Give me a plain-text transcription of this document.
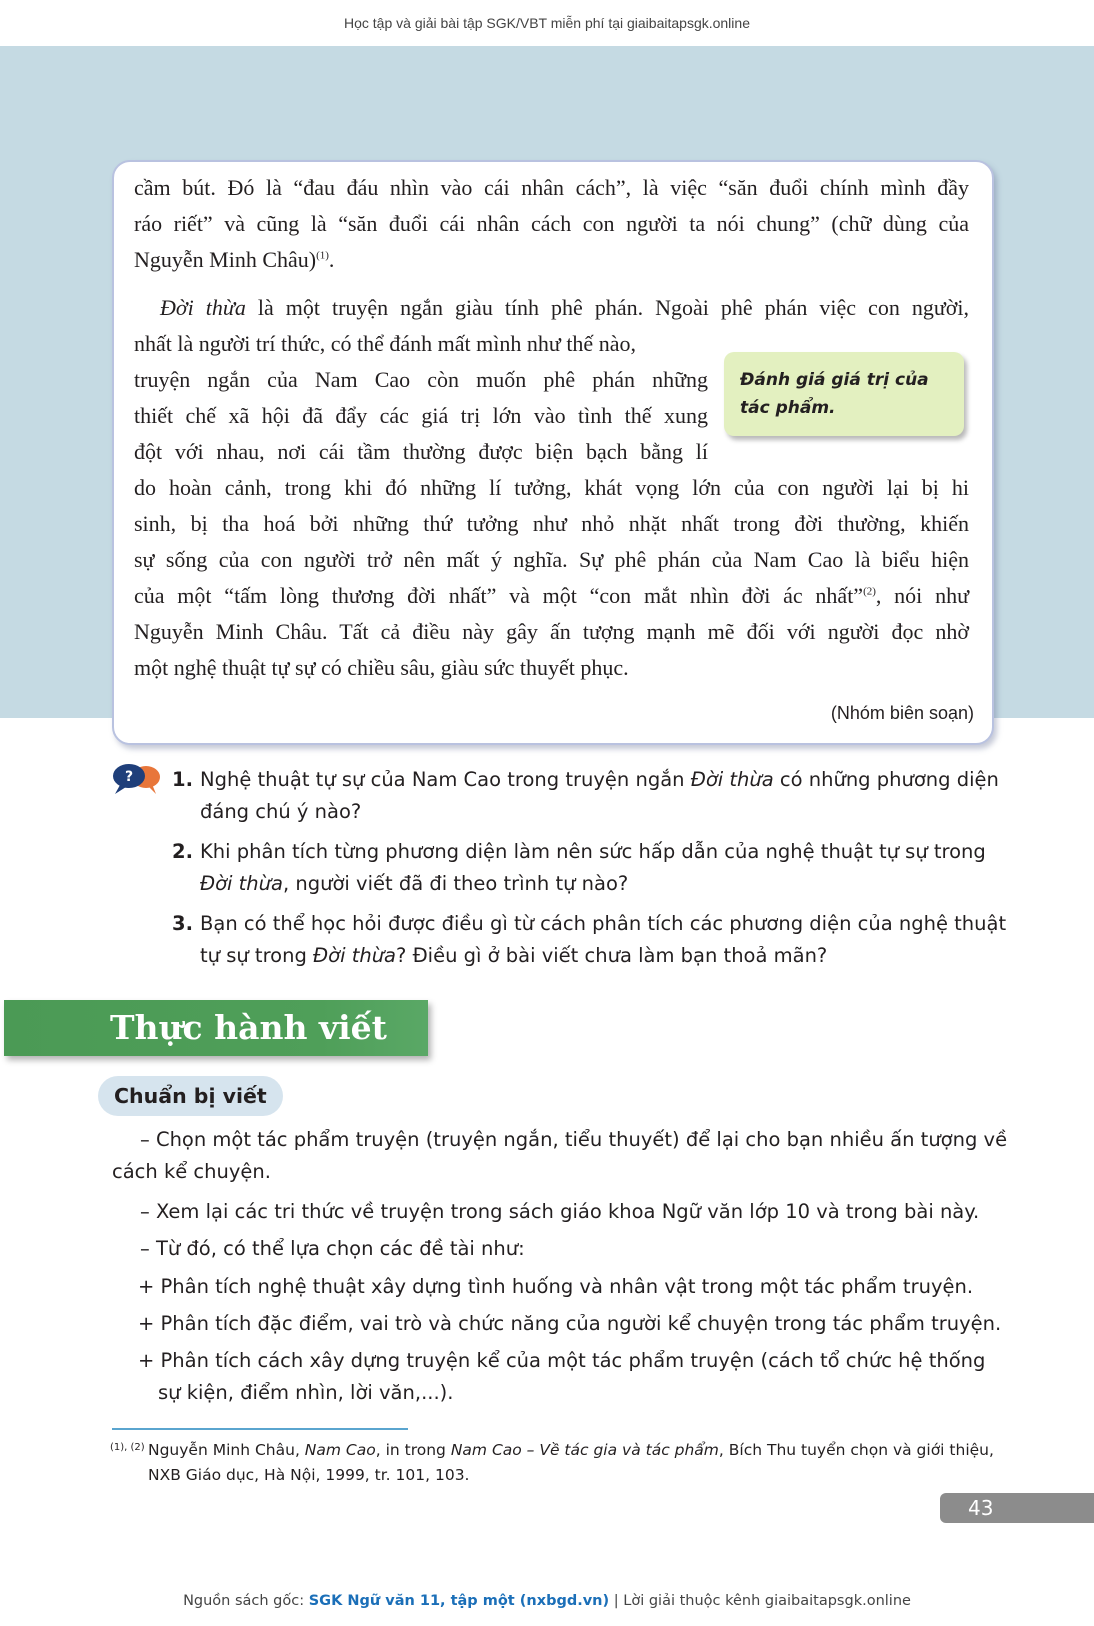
Học tập và giải bài tập SGK/VBT miễn phí tại giaibaitapsgk.online
cầm bút. Đó là “đau đáu nhìn vào cái nhân cách”, là việc “săn đuổi chính mình đầy
ráo riết” và cũng là “săn đuổi cái nhân cách con người ta nói chung” (chữ dùng của
Nguyễn Minh Châu)$^{(1)}$.
Đời thừa là một truyện ngắn giàu tính phê phán. Ngoài phê phán việc con người,
nhất là người trí thức, có thể đánh mất mình như thế nào,
truyện ngắn của Nam Cao còn muốn phê phán những
thiết chế xã hội đã đẩy các giá trị lớn vào tình thế xung
đột với nhau, nơi cái tầm thường được biện bạch bằng lí
do hoàn cảnh, trong khi đó những lí tưởng, khát vọng lớn của con người lại bị hi
sinh, bị tha hoá bởi những thứ tưởng như nhỏ nhặt nhất trong đời thường, khiến
sự sống của con người trở nên mất ý nghĩa. Sự phê phán của Nam Cao là biểu hiện
của một “tấm lòng thương đời nhất” và một “con mắt nhìn đời ác nhất”$^{(2)}$, nói như
Nguyễn Minh Châu. Tất cả điều này gây ấn tượng mạnh mẽ đối với người đọc nhờ
một nghệ thuật tự sự có chiều sâu, giàu sức thuyết phục.
(Nhóm biên soạn)
Đánh giá giá trị của
tác phẩm.
? 1. Nghệ thuật tự sự của Nam Cao trong truyện ngắn Đời thừa có những phương diện
đáng chú ý nào?
2. Khi phân tích từng phương diện làm nên sức hấp dẫn của nghệ thuật tự sự trong
Đời thừa, người viết đã đi theo trình tự nào?
3. Bạn có thể học hỏi được điều gì từ cách phân tích các phương diện của nghệ thuật
tự sự trong Đời thừa? Điều gì ở bài viết chưa làm bạn thoả mãn?
Thực hành viết
Chuẩn bị viết
– Chọn một tác phẩm truyện (truyện ngắn, tiểu thuyết) để lại cho bạn nhiều ấn tượng về
cách kể chuyện.
– Xem lại các tri thức về truyện trong sách giáo khoa Ngữ văn lớp 10 và trong bài này.
– Từ đó, có thể lựa chọn các đề tài như:
+ Phân tích nghệ thuật xây dựng tình huống và nhân vật trong một tác phẩm truyện.
+ Phân tích đặc điểm, vai trò và chức năng của người kể chuyện trong tác phẩm truyện.
+ Phân tích cách xây dựng truyện kể của một tác phẩm truyện (cách tổ chức hệ thống
sự kiện, điểm nhìn, lời văn,...).
(1), (2) Nguyễn Minh Châu, Nam Cao, in trong Nam Cao – Về tác gia và tác phẩm, Bích Thu tuyển chọn và giới thiệu,
NXB Giáo dục, Hà Nội, 1999, tr. 101, 103.
43
Nguồn sách gốc: SGK Ngữ văn 11, tập một (nxbgd.vn) | Lời giải thuộc kênh giaibaitapsgk.online
